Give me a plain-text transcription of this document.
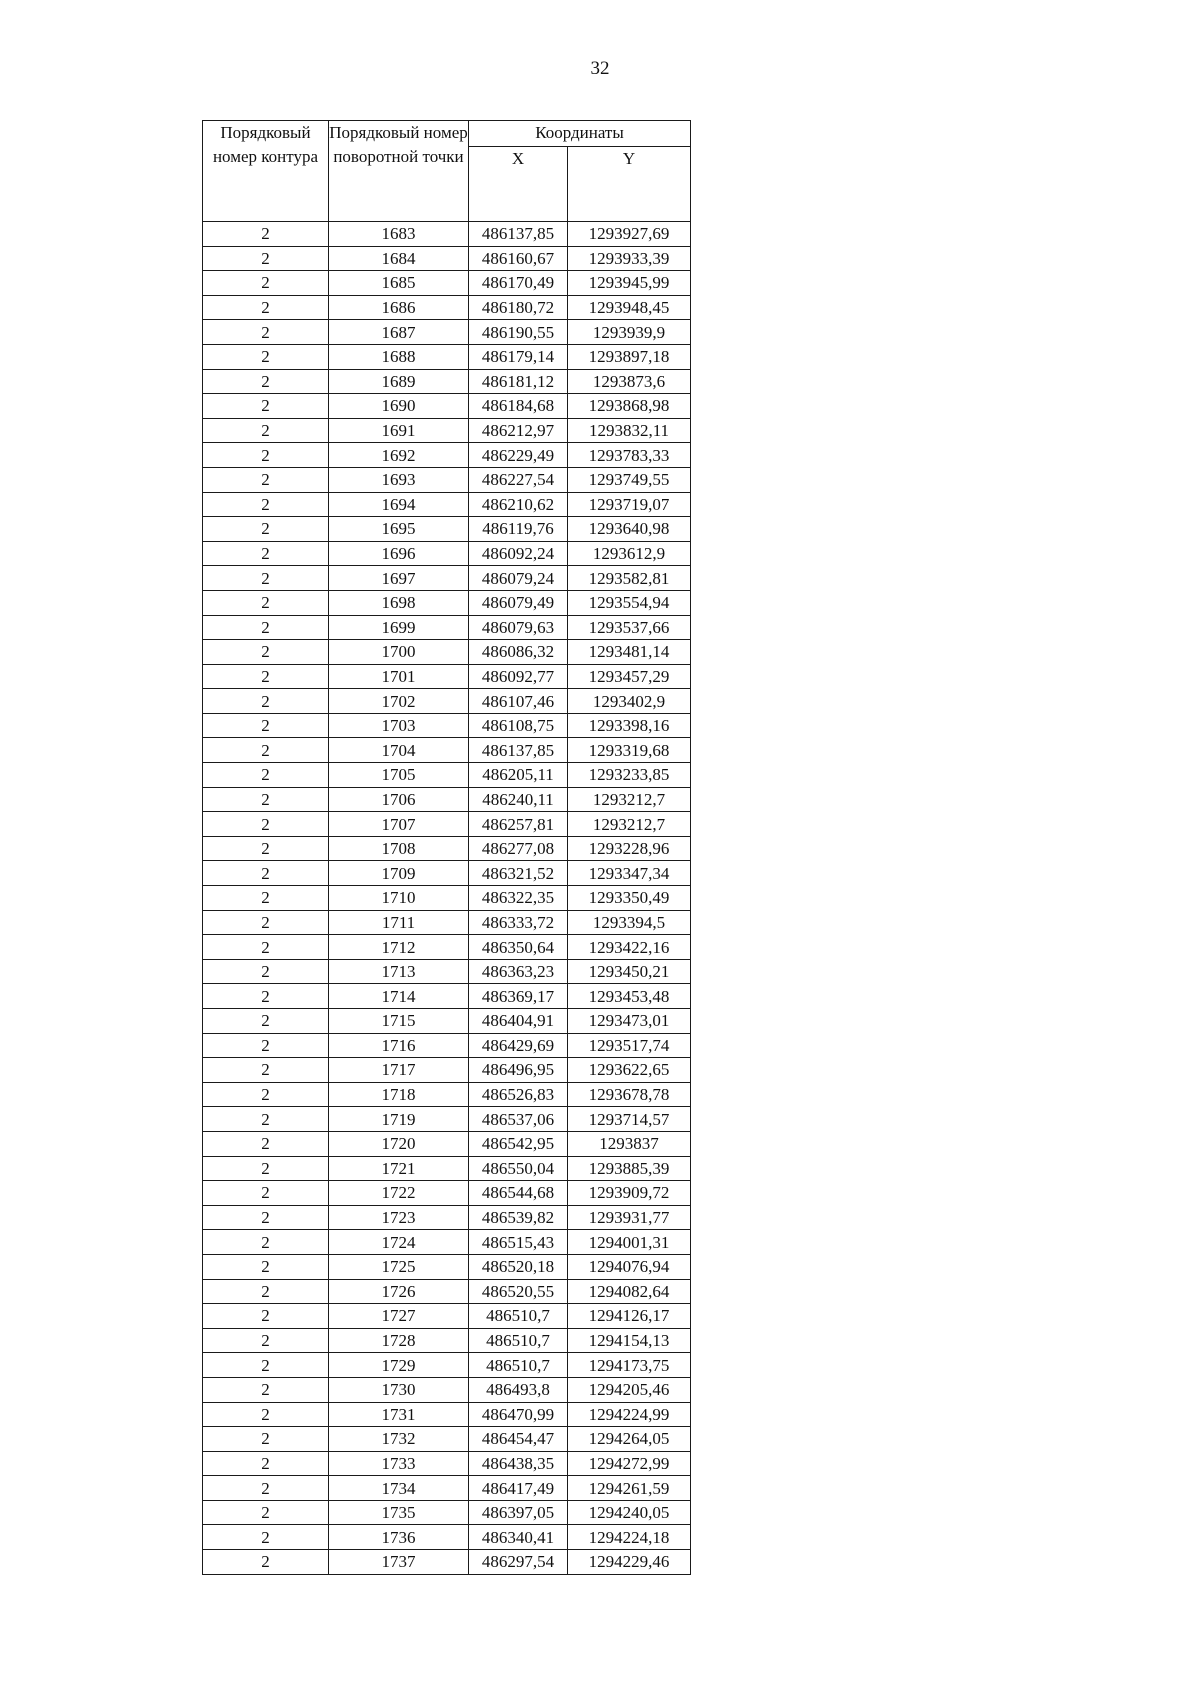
32
Порядковый номер контура	Порядковый номер поворотной точки	Координаты	
		X	Y
2	1683	486137,85	1293927,69
2	1684	486160,67	1293933,39
2	1685	486170,49	1293945,99
2	1686	486180,72	1293948,45
2	1687	486190,55	1293939,9
2	1688	486179,14	1293897,18
2	1689	486181,12	1293873,6
2	1690	486184,68	1293868,98
2	1691	486212,97	1293832,11
2	1692	486229,49	1293783,33
2	1693	486227,54	1293749,55
2	1694	486210,62	1293719,07
2	1695	486119,76	1293640,98
2	1696	486092,24	1293612,9
2	1697	486079,24	1293582,81
2	1698	486079,49	1293554,94
2	1699	486079,63	1293537,66
2	1700	486086,32	1293481,14
2	1701	486092,77	1293457,29
2	1702	486107,46	1293402,9
2	1703	486108,75	1293398,16
2	1704	486137,85	1293319,68
2	1705	486205,11	1293233,85
2	1706	486240,11	1293212,7
2	1707	486257,81	1293212,7
2	1708	486277,08	1293228,96
2	1709	486321,52	1293347,34
2	1710	486322,35	1293350,49
2	1711	486333,72	1293394,5
2	1712	486350,64	1293422,16
2	1713	486363,23	1293450,21
2	1714	486369,17	1293453,48
2	1715	486404,91	1293473,01
2	1716	486429,69	1293517,74
2	1717	486496,95	1293622,65
2	1718	486526,83	1293678,78
2	1719	486537,06	1293714,57
2	1720	486542,95	1293837
2	1721	486550,04	1293885,39
2	1722	486544,68	1293909,72
2	1723	486539,82	1293931,77
2	1724	486515,43	1294001,31
2	1725	486520,18	1294076,94
2	1726	486520,55	1294082,64
2	1727	486510,7	1294126,17
2	1728	486510,7	1294154,13
2	1729	486510,7	1294173,75
2	1730	486493,8	1294205,46
2	1731	486470,99	1294224,99
2	1732	486454,47	1294264,05
2	1733	486438,35	1294272,99
2	1734	486417,49	1294261,59
2	1735	486397,05	1294240,05
2	1736	486340,41	1294224,18
2	1737	486297,54	1294229,46
